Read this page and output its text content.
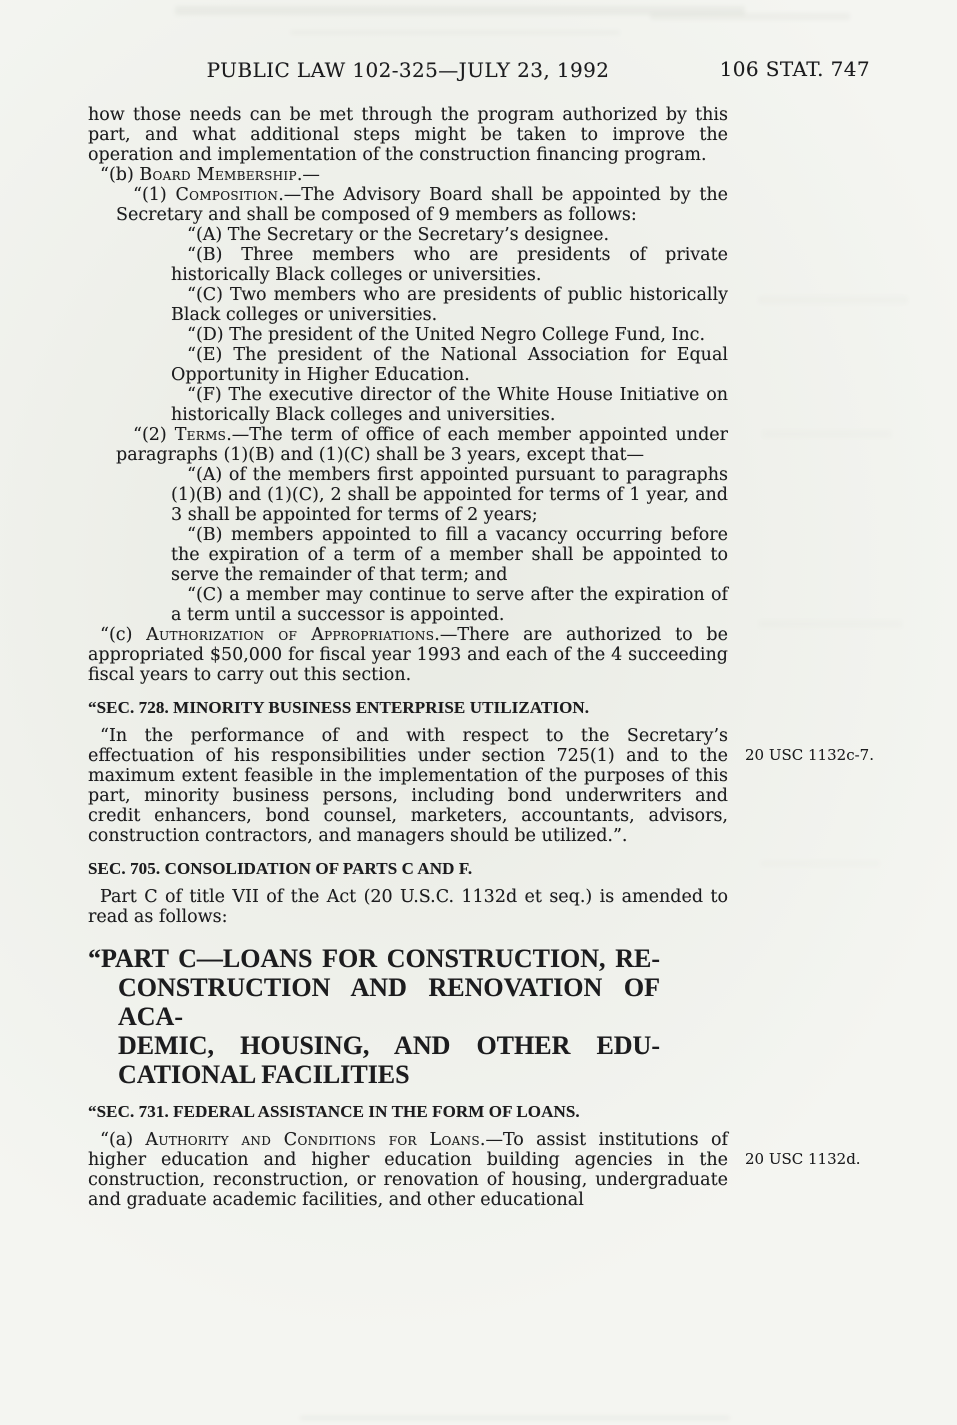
106 STAT. 747
PUBLIC LAW 102-325—JULY 23, 1992

how those needs can be met through the program authorized by this part, and what additional steps might be taken to improve the operation and implementation of the construction financing program.

“(b) Board Membership.—

“(1) Composition.—The Advisory Board shall be appointed by the Secretary and shall be composed of 9 members as follows:

“(A) The Secretary or the Secretary’s designee.

“(B) Three members who are presidents of private historically Black colleges or universities.

“(C) Two members who are presidents of public historically Black colleges or universities.

“(D) The president of the United Negro College Fund, Inc.

“(E) The president of the National Association for Equal Opportunity in Higher Education.

“(F) The executive director of the White House Initiative on historically Black colleges and universities.

“(2) Terms.—The term of office of each member appointed under paragraphs (1)(B) and (1)(C) shall be 3 years, except that—

“(A) of the members first appointed pursuant to paragraphs (1)(B) and (1)(C), 2 shall be appointed for terms of 1 year, and 3 shall be appointed for terms of 2 years;

“(B) members appointed to fill a vacancy occurring before the expiration of a term of a member shall be appointed to serve the remainder of that term; and

“(C) a member may continue to serve after the expiration of a term until a successor is appointed.

“(c) Authorization of Appropriations.—There are authorized to be appropriated $50,000 for fiscal year 1993 and each of the 4 succeeding fiscal years to carry out this section.

“SEC. 728. MINORITY BUSINESS ENTERPRISE UTILIZATION.

“In the performance of and with respect to the Secretary’s effectuation of his responsibilities under section 725(1) and to the maximum extent feasible in the implementation of the purposes of this part, minority business persons, including bond underwriters and credit enhancers, bond counsel, marketers, accountants, advisors, construction contractors, and managers should be utilized.”.

SEC. 705. CONSOLIDATION OF PARTS C AND F.

Part C of title VII of the Act (20 U.S.C. 1132d et seq.) is amended to read as follows:

“PART C—LOANS FOR CONSTRUCTION, RE-
CONSTRUCTION AND RENOVATION OF ACA-
DEMIC, HOUSING, AND OTHER EDU-
CATIONAL FACILITIES

“SEC. 731. FEDERAL ASSISTANCE IN THE FORM OF LOANS.

“(a) Authority and Conditions for Loans.—To assist institutions of higher education and higher education building agencies in the construction, reconstruction, or renovation of housing, undergraduate and graduate academic facilities, and other educational

20 USC 1132c-7.
20 USC 1132d.
